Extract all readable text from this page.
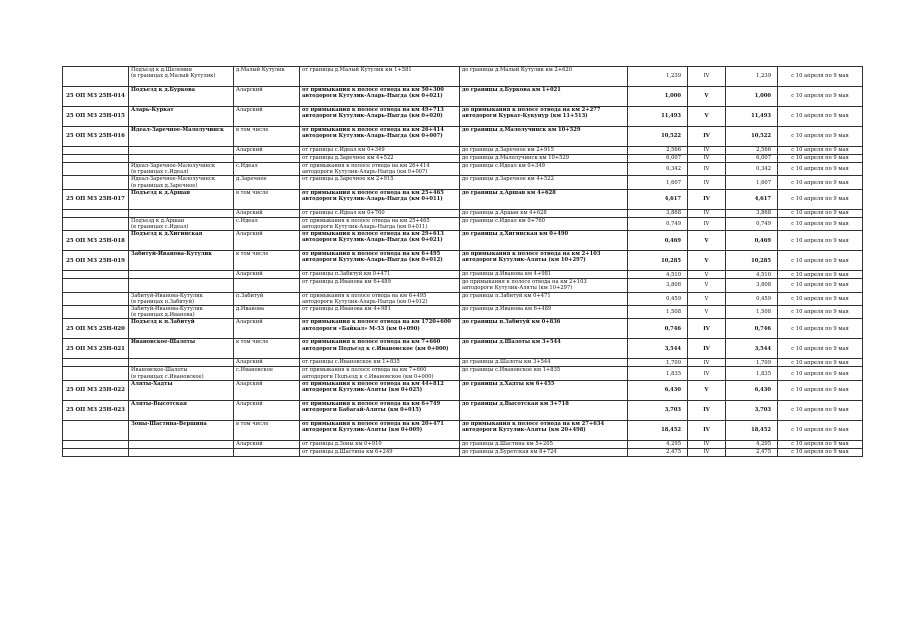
	Подъезд к д.Шелемин
(в границах д.Малый Кутулик)	д.Малый Кутулик	от границы д.Малый Кутулик км 1+581	до границы д.Малый Кутулик км 2+620	1,239	IV	1,239	с 10 апреля по 9 мая

25 ОП МЗ 25Н-014	Подъезд к д.Буркова	Аларский	от примыкания к полосе отвода на км 50+300
автодороги Кутулик-Аларь-Ныгда (км 0+021)	до границы д.Буркова км 1+021	1,000	V	1,000	с 10 апреля по 9 мая

25 ОП МЗ 25Н-015	Аларь-Куркат	Аларский	от примыкания к полосе отвода на км 49+713
автодороги Кутулик-Аларь-Ныгда (км 0+020)	до примыкания к полосе отвода на км 2+277
автодороги Куркат-Кукунур (км 11+513)	11,493	V	11,493	с 10 апреля по 9 мая

25 ОП МЗ 25Н-016	Идеал-Заречное-Малолучинск	в том числе	от примыкания к полосе отвода на км 26+414
автодороги Кутулик-Аларь-Ныгда (км 0+007)	до границы д.Малолучинск км 10+529	10,522	IV	10,522	с 10 апреля по 9 мая

		Аларский	от границы с.Идеал км 0+349	до границы д.Заречное км 2+915	2,566	IV	2,566	с 10 апреля по 9 мая

			от границы д.Заречное км 4+522	до границы д.Малолучинск км 10+529	6,007	IV	6,007	с 10 апреля по 9 мая

	Идеал-Заречное-Малолучинск
(в границах с.Идеал)	с.Идеал	от примыкания к полосе отвода на км 26+414
автодороги Кутулик-Аларь-Ныгда (км 0+007)	до границы с.Идеал км 0+349	0,342	IV	0,342	с 10 апреля по 9 мая

	Идеал-Заречное-Малолучинск
(в границах д.Заречное)	д.Заречное	от границы д.Заречное км 2+915	до границы д.Заречное км 4+522	1,607	IV	1,607	с 10 апреля по 9 мая

25 ОП МЗ 25Н-017	Подъезд к д.Аршан	в том числе	от примыкания к полосе отвода на км 25+465
автодороги Кутулик-Аларь-Ныгда (км 0+011)	до границы д.Аршан км 4+628	4,617	IV	4,617	с 10 апреля по 9 мая

		Аларский	от границы с.Идеал км 0+760	до границы д.Аршан км 4+628	3,868	IV	3,868	с 10 апреля по 9 мая

	Подъезд к д.Аршан
(в границах с.Идеал)	с.Идеал	от примыкания к полосе отвода на км 25+465
автодороги Кутулик-Аларь-Ныгда (км 0+011)	до границы с.Идеал км 0+760	0,749	IV	0,749	с 10 апреля по 9 мая

25 ОП МЗ 25Н-018	Подъезд к д.Хигинская	Аларский	от примыкания к полосе отвода на км 29+613
автодороги Кутулик-Аларь-Ныгда (км 0+021)	до границы д.Хигинская км 0+490	0,469	V	0,469	с 10 апреля по 9 мая

25 ОП МЗ 25Н-019	Забитуй-Иванова-Кутулик	в том числе	от примыкания к полосе отвода на км 6+495
автодороги Кутулик-Аларь-Ныгда (км 0+012)	до примыкания к полосе отвода на км 2+103
автодороги Кутулик-Аляты (км 10+297)	10,285	V	10,285	с 10 апреля по 9 мая

		Аларский	от границы п.Забитуй км 0+471	до границы д.Иванова км 4+981	4,510	V	4,510	с 10 апреля по 9 мая

			от границы д.Иванова км 6+489	до примыкания к полосе отвода на км 2+103
автодороги Кутулик-Аляты (км 10+297)	3,808	V	3,808	с 10 апреля по 9 мая

	Забитуй-Иванова-Кутулик
(в границах п.Забитуй)	п.Забитуй	от примыкания к полосе отвода на км 6+495
автодороги Кутулик-Аларь-Ныгда (км 0+012)	до границы п.Забитуй км 0+471	0,459	V	0,459	с 10 апреля по 9 мая

	Забитуй-Иванова-Кутулик
(в границах д.Иванова)	д.Иванова	от границы д.Иванова км 4+981	до границы д.Иванова км 6+489	1,508	V	1,508	с 10 апреля по 9 мая

25 ОП МЗ 25Н-020	Подъезд к п.Забитуй	Аларский	от примыкания к полосе отвода на км 1720+600
автодороги «Байкал» М-53 (км 0+090)	до границы п.Забитуй км 0+836	0,746	IV	0,746	с 10 апреля по 9 мая

25 ОП МЗ 25Н-021	Ивановское-Шалоты	в том числе	от примыкания к полосе отвода на км 7+660
автодороги Подъезд к с.Ивановское (км 0+000)	до границы д.Шалоты км 3+544	3,544	IV	3,544	с 10 апреля по 9 мая

		Аларский	от границы с.Ивановское км 1+835	до границы д.Шалоты км 3+544	1,709	IV	1,709	с 10 апреля по 9 мая

	Ивановское-Шалоты
(в границах с.Ивановское)	с.Ивановское	от примыкания к полосе отвода на км 7+660
автодороги Подъезд к с.Ивановское (км 0+000)	до границы с.Ивановское км 1+835	1,835	IV	1,835	с 10 апреля по 9 мая

25 ОП МЗ 25Н-022	Аляты-Хадты	Аларский	от примыкания к полосе отвода на км 44+812
автодороги Кутулик-Аляты (км 0+025)	до границы д.Хадты км 6+455	6,430	V	6,430	с 10 апреля по 9 мая

25 ОП МЗ 25Н-023	Аляты-Высотская	Аларский	от примыкания к полосе отвода на км 6+749
автодороги Бабагай-Аляты (км 0+015)	до границы д.Высотская км 3+718	3,703	IV	3,703	с 10 апреля по 9 мая

	Зоны-Шастина-Верщина	в том числе	от примыкания к полосе отвода на км 20+471
автодороги Кутулик-Аляты (км 0+009)	до примыкания к полосе отвода на км 27+634
автодороги Кутулик-Аляты (км 20+498)	18,452	IV	18,452	с 10 апреля по 9 мая

		Аларский	от границы д.Зоны км 0+910	до границы д.Шастина км 5+205	4,295	IV	4,295	с 10 апреля по 9 мая

			от границы д.Шастина км 6+249	до границы д.Буретская км 8+724	2,475	IV	2,475	с 10 апреля по 9 мая
